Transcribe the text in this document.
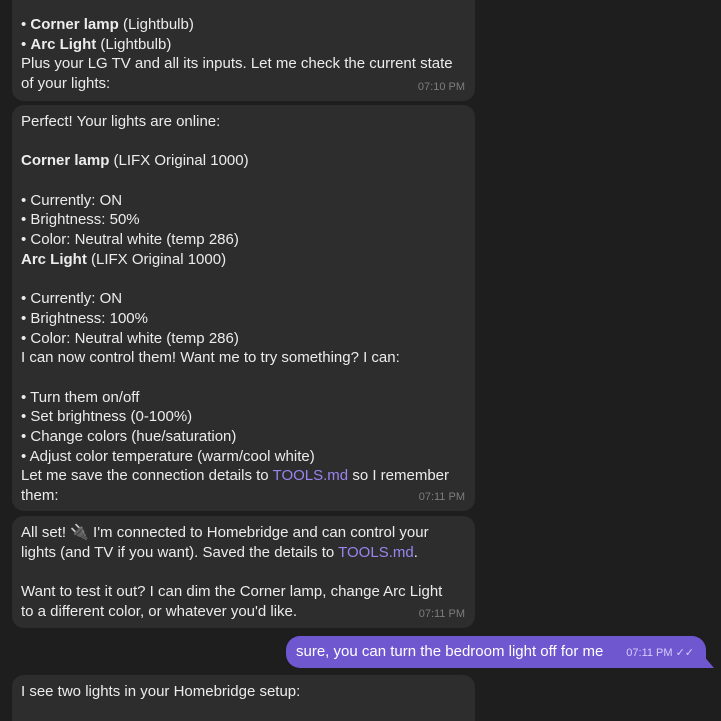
• Corner lamp (Lightbulb)
• Arc Light (Lightbulb)
Plus your LG TV and all its inputs. Let me check the current state
of your lights:	07:10 PM
Perfect! Your lights are online:
Corner lamp (LIFX Original 1000)
• Currently: ON
• Brightness: 50%
• Color: Neutral white (temp 286)
Arc Light (LIFX Original 1000)
• Currently: ON
• Brightness: 100%
• Color: Neutral white (temp 286)
I can now control them! Want me to try something? I can:
• Turn them on/off
• Set brightness (0-100%)
• Change colors (hue/saturation)
• Adjust color temperature (warm/cool white)
Let me save the connection details to TOOLS.md so I remember
them:	07:11 PM
All set! 🔌 I'm connected to Homebridge and can control your
lights (and TV if you want). Saved the details to TOOLS.md.
Want to test it out? I can dim the Corner lamp, change Arc Light
to a different color, or whatever you'd like.	07:11 PM
sure, you can turn the bedroom light off for me	07:11 PM ✓✓
I see two lights in your Homebridge setup:
